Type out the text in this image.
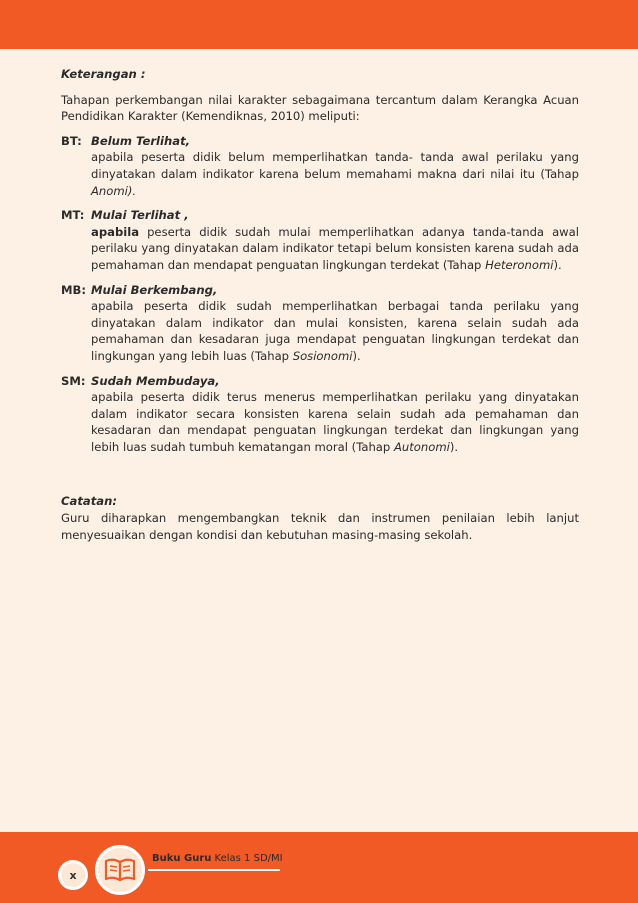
Keterangan :
Tahapan perkembangan nilai karakter sebagaimana tercantum dalam Kerangka Acuan Pendidikan Karakter (Kemendiknas, 2010) meliputi:
BT: Belum Terlihat,
apabila peserta didik belum memperlihatkan tanda- tanda awal perilaku yang dinyatakan dalam indikator karena belum memahami makna dari nilai itu (Tahap Anomi).
MT: Mulai Terlihat ,
apabila peserta didik sudah mulai memperlihatkan adanya tanda-tanda awal perilaku yang dinyatakan dalam indikator tetapi belum konsisten karena sudah ada pemahaman dan mendapat penguatan lingkungan terdekat (Tahap Heteronomi).
MB: Mulai Berkembang,
apabila peserta didik sudah memperlihatkan berbagai tanda perilaku yang dinyatakan dalam indikator dan mulai konsisten, karena selain sudah ada pemahaman dan kesadaran juga mendapat penguatan lingkungan terdekat dan lingkungan yang lebih luas (Tahap Sosionomi).
SM: Sudah Membudaya,
apabila peserta didik terus menerus memperlihatkan perilaku yang dinyatakan dalam indikator secara konsisten karena selain sudah ada pemahaman dan kesadaran dan mendapat penguatan lingkungan terdekat dan lingkungan yang lebih luas sudah tumbuh kematangan moral (Tahap Autonomi).
Catatan:
Guru diharapkan mengembangkan teknik dan instrumen penilaian lebih lanjut menyesuaikan dengan kondisi dan kebutuhan masing-masing sekolah.
x
Buku Guru Kelas 1 SD/MI
